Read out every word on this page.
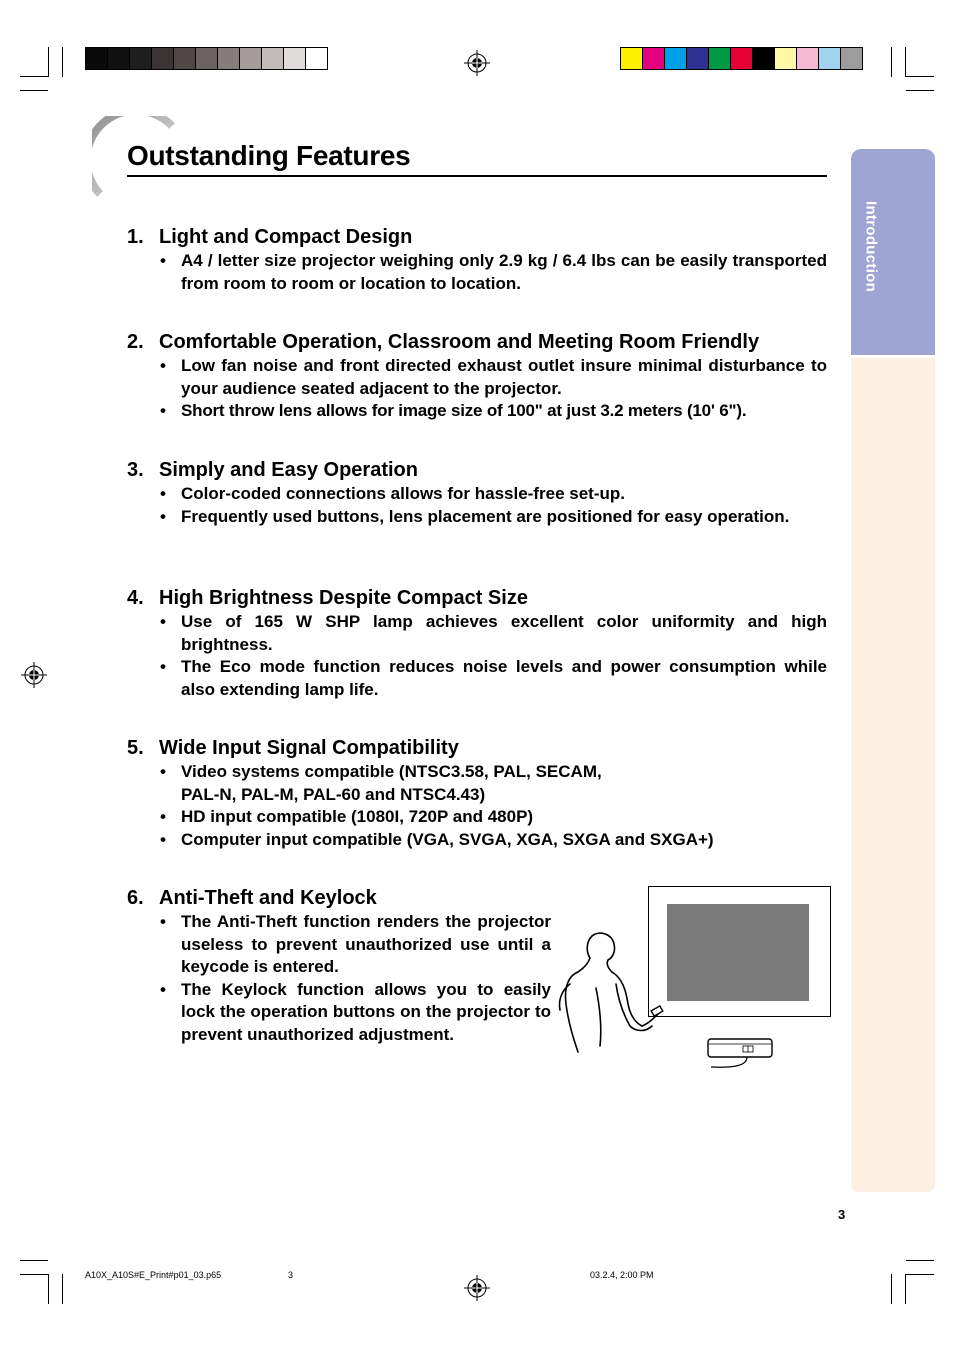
Outstanding Features
Introduction
1. Light and Compact Design
• A4 / letter size projector weighing only 2.9 kg / 6.4 lbs can be easily transported from room to room or location to location.
2. Comfortable Operation, Classroom and Meeting Room Friendly
• Low fan noise and front directed exhaust outlet insure minimal disturbance to your audience seated adjacent to the projector.
• Short throw lens allows for image size of 100" at just 3.2 meters (10' 6").
3. Simply and Easy Operation
• Color-coded connections allows for hassle-free set-up.
• Frequently used buttons, lens placement are positioned for easy operation.
4. High Brightness Despite Compact Size
• Use of 165 W SHP lamp achieves excellent color uniformity and high brightness.
• The Eco mode function reduces noise levels and power consumption while also extending lamp life.
5. Wide Input Signal Compatibility
• Video systems compatible (NTSC3.58, PAL, SECAM,
PAL-N, PAL-M, PAL-60 and NTSC4.43)
• HD input compatible (1080I, 720P and 480P)
• Computer input compatible (VGA, SVGA, XGA, SXGA and SXGA+)
6. Anti-Theft and Keylock
• The Anti-Theft function renders the projector useless to prevent unauthorized use until a keycode is entered.
• The Keylock function allows you to easily lock the operation buttons on the projector to prevent unauthorized adjustment.
3
A10X_A10S#E_Print#p01_03.p65	3	03.2.4, 2:00 PM
